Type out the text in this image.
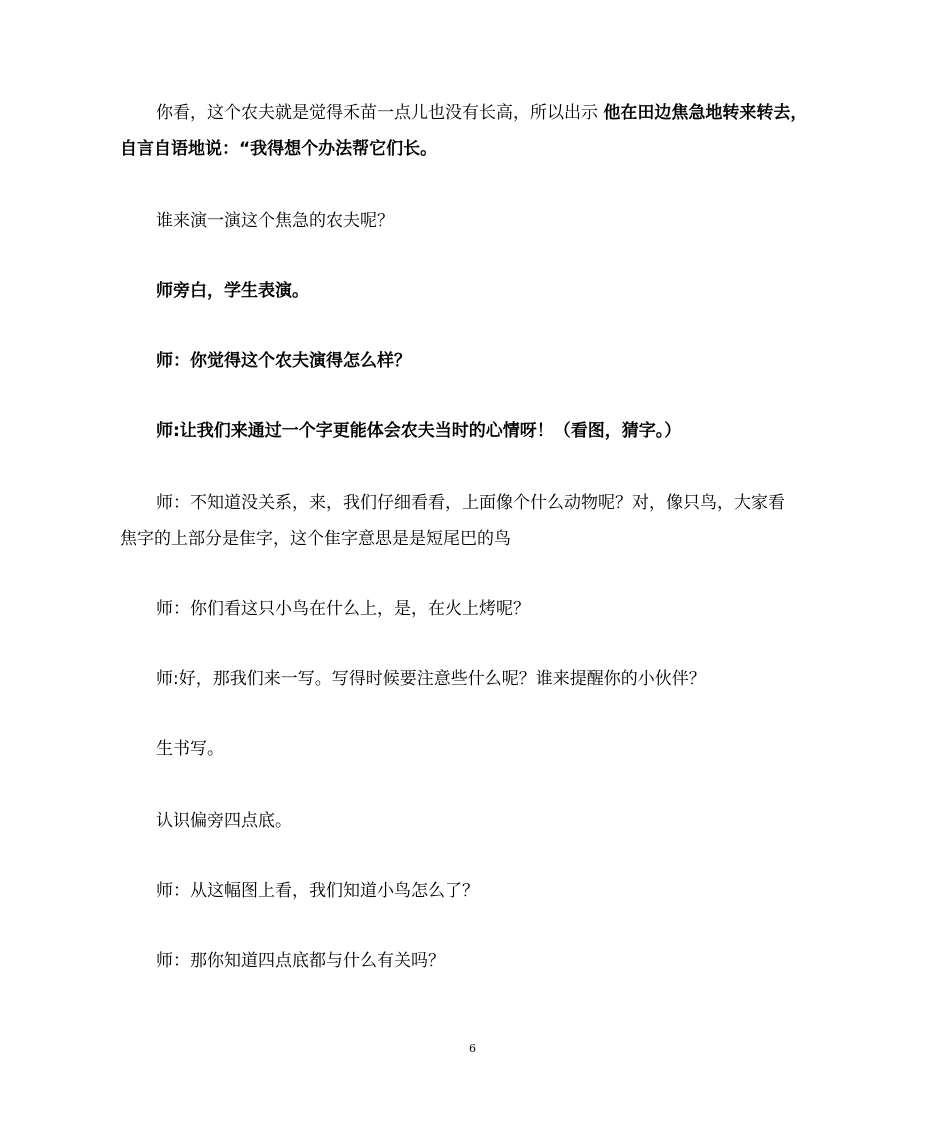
你看，这个农夫就是觉得禾苗一点儿也没有长高，所以出示 他在田边焦急地转来转去，
自言自语地说：“我得想个办法帮它们长。

谁来演一演这个焦急的农夫呢？

师旁白，学生表演。

师：你觉得这个农夫演得怎么样？

师:让我们来通过一个字更能体会农夫当时的心情呀！（看图，猜字。）

师：不知道没关系，来，我们仔细看看，上面像个什么动物呢？对，像只鸟，大家看
焦字的上部分是隹字，这个隹字意思是是短尾巴的鸟

师：你们看这只小鸟在什么上，是，在火上烤呢？

师:好，那我们来一写。写得时候要注意些什么呢？谁来提醒你的小伙伴？

生书写。

认识偏旁四点底。

师：从这幅图上看，我们知道小鸟怎么了？

师：那你知道四点底都与什么有关吗？

6
